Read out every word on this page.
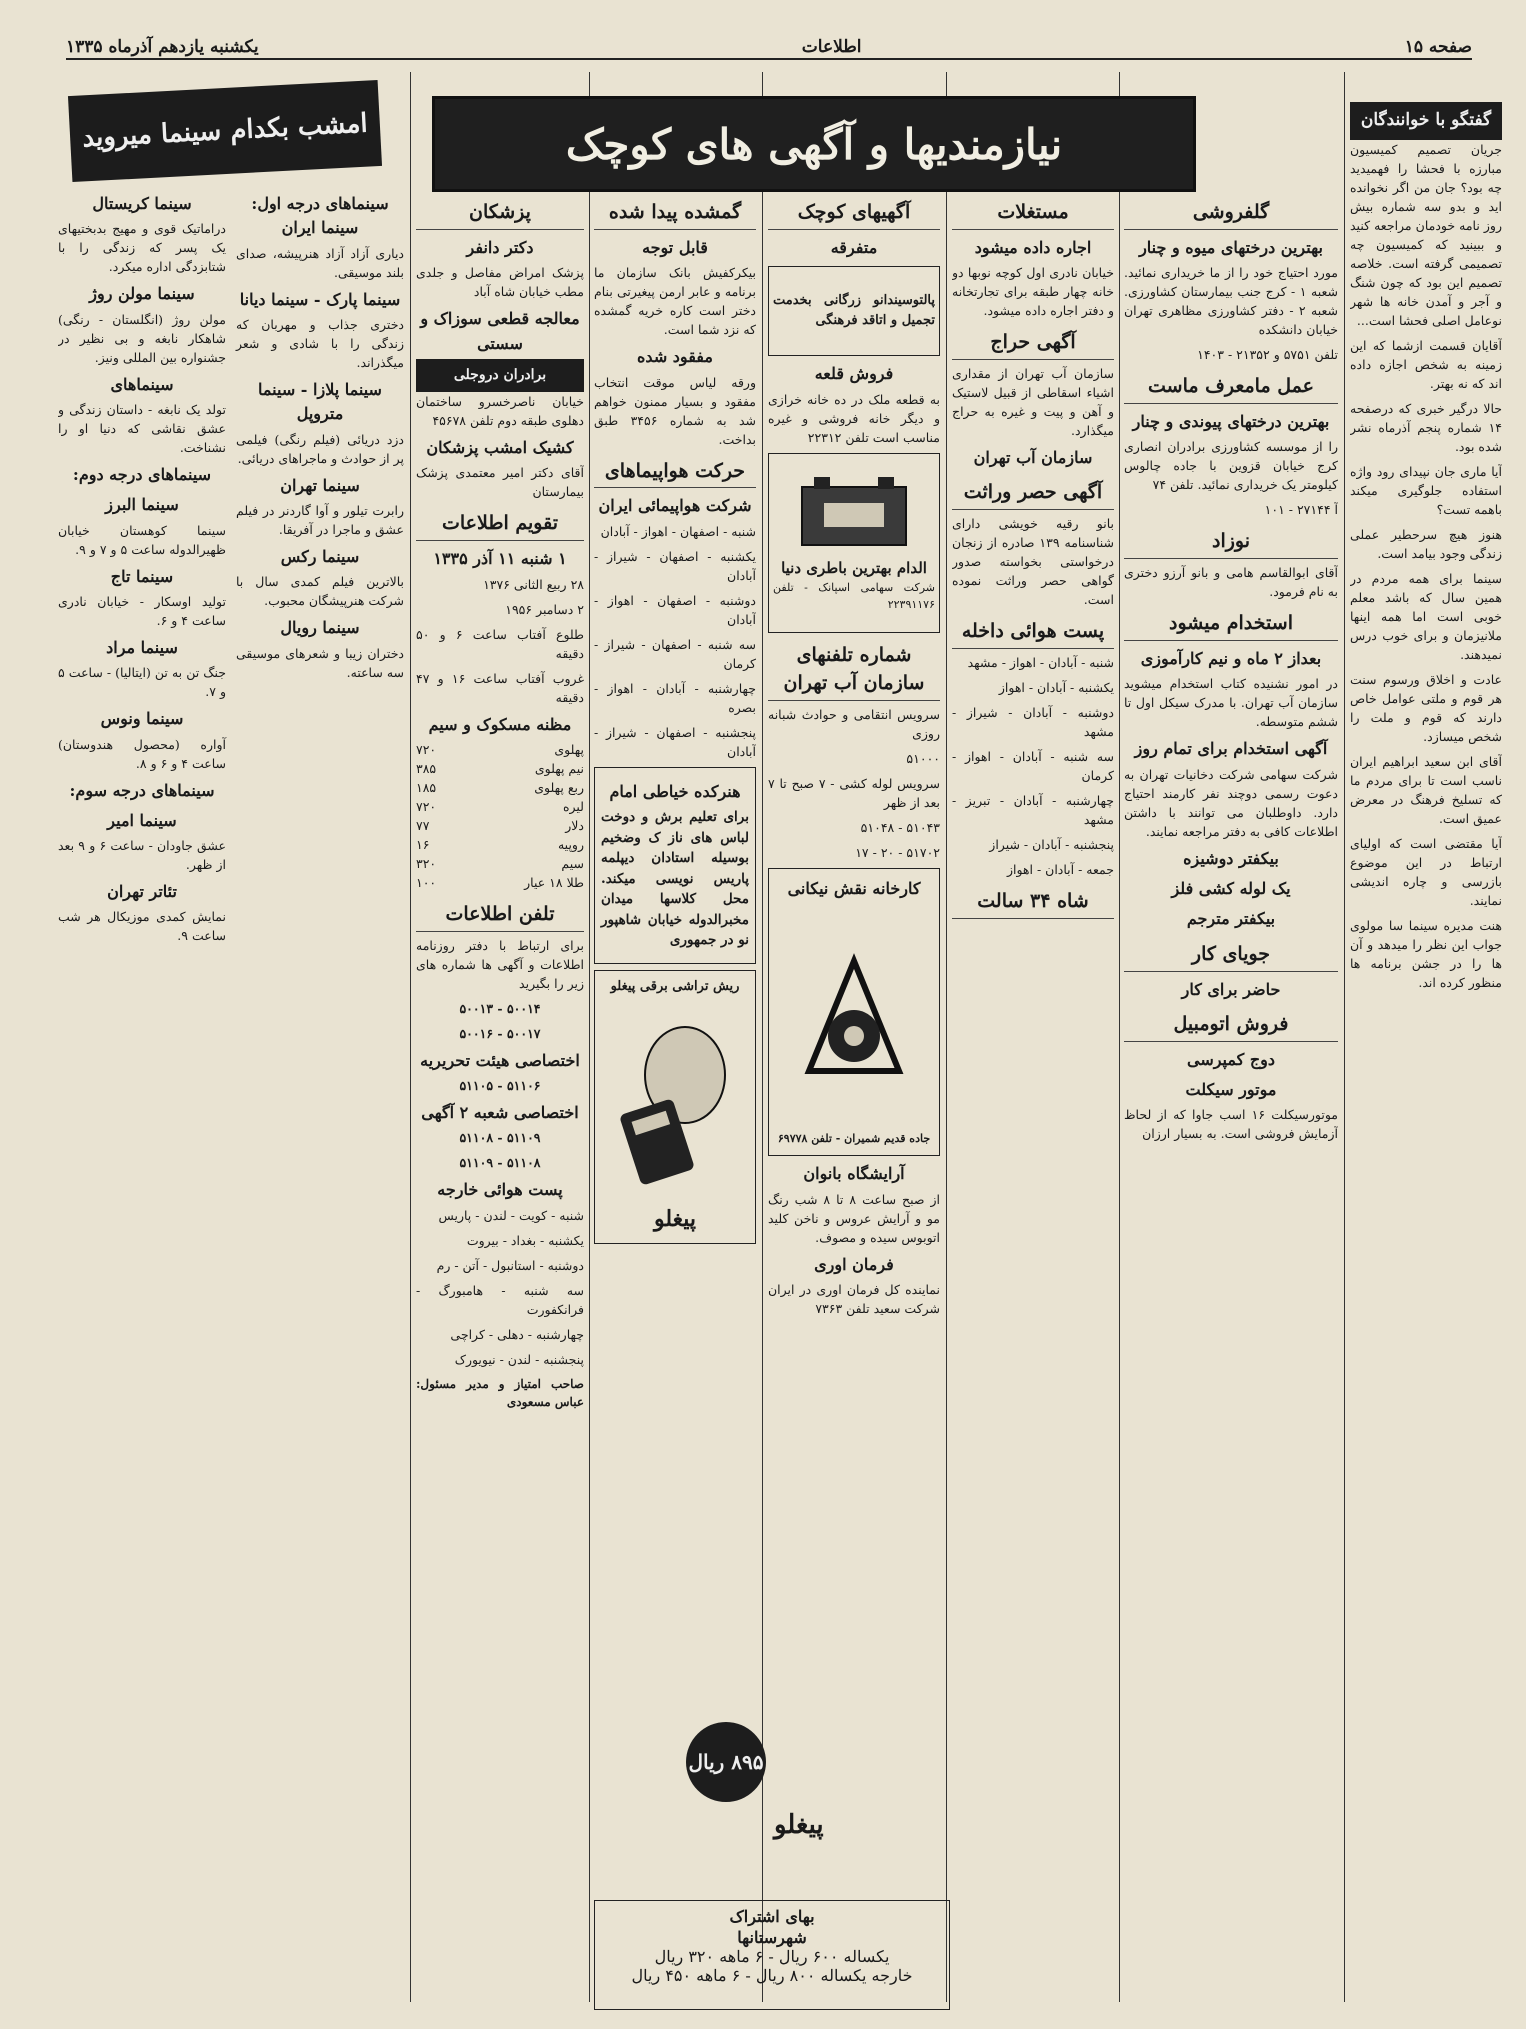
صفحه ۱۵
اطلاعات
یکشنبه یازدهم آذرماه ۱۳۳۵
نیازمندیها و آگهی های کوچک	گفتگو با خوانندگان

جریان تصمیم کمیسیون مبارزه با فحشا را فهمیدید چه بود؟ جان من اگر نخوانده اید و بدو سه شماره بیش روز نامه خودمان مراجعه کنید و ببینید که کمیسیون چه تصمیمی گرفته است. خلاصه تصمیم این بود که چون شنگ و آجر و آمدن خانه ها شهر نوعامل اصلی فحشا است...

آقایان قسمت ازشما که این زمینه به شخص اجازه داده اند که نه بهتر.

حالا درگیر خبری که درصفحه ۱۴ شماره پنجم آذرماه نشر شده بود.

آیا ماری جان نپیدای رود واژه استفاده جلوگیری میکند باهمه تست؟

هنوز هیچ سرحطیر عملی زندگی وجود بیامد است.

سینما برای همه مردم در همین سال که باشد معلم خوبی است اما همه اینها ملانیزمان و برای خوب درس نمیدهند.

عادت و اخلاق ورسوم سنت هر قوم و ملتی عوامل خاص دارند که قوم و ملت را شخص میسازد.

آقای ابن سعید ابراهیم ایران ناسب است تا برای مردم ما که تسلیخ فرهنگ در معرض عمیق است.

آیا مقتضی است که اولیای ارتباط در این موضوع بازرسی و چاره اندیشی نمایند.

هنت مدیره سینما سا مولوی جواب این نظر را میدهد و آن ها را در جشن برنامه ها منظور کرده اند.

گلفروشی
بهترین درختهای میوه و چنار

مورد احتیاج خود را از ما خریداری نمائید. شعبه ۱ - کرج جنب بیمارستان کشاورزی. شعبه ۲ - دفتر کشاورزی مظاهری تهران خیابان دانشکده

تلفن ۵۷۵۱ و ۲۱۳۵۲ - ۱۴۰۳

عمل مامعرف ماست
بهترین درختهای پیوندی و چنار

را از موسسه کشاورزی برادران انصاری کرج خیابان قزوین با جاده چالوس کیلومتر یک خریداری نمائید. تلفن ۷۴

آ ۲۷۱۴۴ - ۱۰۱

نوزاد

آقای ابوالقاسم هامی و بانو آرزو دختری به نام فرمود.

استخدام میشود
بعداز ۲ ماه و نیم کارآموزی

در امور نشنیده کتاب استخدام میشوید سازمان آب تهران. با مدرک سیکل اول تا ششم متوسطه.

آگهی استخدام برای تمام روز

شرکت سهامی شرکت دخانیات تهران به دعوت رسمی دوچند نفر کارمند احتیاج دارد. داوطلبان می توانند با داشتن اطلاعات کافی به دفتر مراجعه نمایند.

بیکفتر دوشیزه
یک لوله کشی فلز
بیکفتر مترجم
جویای کار
حاضر برای کار
فروش اتومبیل
دوج کمپرسی
موتور سیکلت

موتورسیکلت ۱۶ اسب جاوا که از لحاظ آزمایش فروشی است. به بسیار ارزان

مستغلات
اجاره داده میشود

خیابان نادری اول کوچه نوبها دو خانه چهار طبقه برای تجارتخانه و دفتر اجاره داده میشود.

آگهی حراج

سازمان آب تهران از مقداری اشیاء اسقاطی از قبیل لاستیک و آهن و پیت و غیره به حراج میگذارد.

سازمان آب تهران
آگهی حصر وراثت

بانو رقیه خویشی دارای شناسنامه ۱۳۹ صادره از زنجان درخواستی بخواسته صدور گواهی حصر وراثت نموده است.

پست هوائی داخله

شنبه - آبادان - اهواز - مشهد

یکشنبه - آبادان - اهواز

دوشنبه - آبادان - شیراز - مشهد

سه شنبه - آبادان - اهواز - کرمان

چهارشنبه - آبادان - تبریز - مشهد

پنجشنبه - آبادان - شیراز

جمعه - آبادان - اهواز

شاه ۳۴ سالت
آگهیهای کوچک
متفرقه
پالتوسیندانو زرگانی بخدمت تجمیل و اتاقد فرهنگی
فروش قلعه

به قطعه ملک در ده خانه خرازی و دیگر خانه فروشی و غیره مناسب است تلفن ۲۲۳۱۲

الدام بهترین باطری دنیا
شرکت سهامی اسپانک - تلفن ۲۲۳۹۱۱۷۶
شماره تلفنهای سازمان آب تهران

سرویس انتقامی و حوادث شبانه روزی

۵۱۰۰۰

سرویس لوله کشی - ۷ صبح تا ۷ بعد از ظهر

۵۱۰۴۳ - ۵۱۰۴۸

۵۱۷۰۲ - ۲۰ - ۱۷

کارخانه نقش نیکانی
جاده قدیم شمیران - تلفن ۶۹۷۷۸
آرایشگاه بانوان

از صبح ساعت ۸ تا ۸ شب رنگ مو و آرایش عروس و ناخن کلید اتوبوس سیده و مصوف.

فرمان اوری

نماینده کل فرمان اوری در ایران شرکت سعید تلفن ۷۳۶۳

۸۹۵ ریال
گمشده پیدا شده
قابل توجه

بیکرکفیش بانک سازمان ما برنامه و عابر ارمن پیغیرتی بنام دختر است کاره خریه گمشده که نزد شما است.

مفقود شده

ورقه لیاس موقت انتخاب مفقود و بسیار ممنون خواهم شد به شماره ۳۴۵۶ طبق بداخت.

حرکت هواپیماهای
شرکت هواپیمائی ایران

شنبه - اصفهان - اهواز - آبادان

یکشنبه - اصفهان - شیراز - آبادان

دوشنبه - اصفهان - اهواز - آبادان

سه شنبه - اصفهان - شیراز - کرمان

چهارشنبه - آبادان - اهواز - بصره

پنجشنبه - اصفهان - شیراز - آبادان

هنرکده خیاطی امام

برای تعلیم برش و دوخت لباس های ناز ک وضخیم بوسیله استادان دیپلمه پاریس نویسی میکند. محل کلاسها میدان مخبرالدوله خیابان شاهپور نو در جمهوری

ریش تراشی برقی پیغلو
پیغلو
پزشکان
دکتر دانفر

پزشک امراض مفاصل و جلدی مطب خیابان شاه آباد

معالجه قطعی سوزاک و سستی
برادران دروجلی

خیابان ناصرخسرو ساختمان دهلوی طبقه دوم تلفن ۴۵۶۷۸

کشیک امشب پزشکان

آقای دکتر امیر معتمدی پزشک بیمارستان

تقویم اطلاعات
۱ شنبه ۱۱ آذر ۱۳۳۵

۲۸ ربیع الثانی ۱۳۷۶

۲ دسامبر ۱۹۵۶

طلوع آفتاب ساعت ۶ و ۵۰ دقیقه

غروب آفتاب ساعت ۱۶ و ۴۷ دقیقه

مظنه مسکوک و سیم
پهلوی
۷۲۰
نیم پهلوی
۳۸۵
ربع پهلوی
۱۸۵
لیره
۷۲۰
دلار
۷۷
روپیه
۱۶
سیم
۳۲۰
طلا ۱۸ عیار
۱۰۰
تلفن اطلاعات

برای ارتباط با دفتر روزنامه اطلاعات و آگهی ها شماره های زیر را بگیرید

۵۰۰۱۴ - ۵۰۰۱۳

۵۰۰۱۷ - ۵۰۰۱۶

اختصاصی هیئت تحریریه

۵۱۱۰۶ - ۵۱۱۰۵

اختصاصی شعبه ۲ آگهی

۵۱۱۰۹ - ۵۱۱۰۸

۵۱۱۰۸ - ۵۱۱۰۹

پست هوائی خارجه

شنبه - کویت - لندن - پاریس

یکشنبه - بغداد - بیروت

دوشنبه - استانبول - آتن - رم

سه شنبه - هامبورگ - فرانکفورت

چهارشنبه - دهلی - کراچی

پنجشنبه - لندن - نیویورک

صاحب امتیاز و مدیر مسئول: عباس مسعودی

بهای اشتراک
شهرستانها
یکساله ۶۰۰ ریال - ۶ ماهه ۳۲۰ ریال
خارجه یکساله ۸۰۰ ریال - ۶ ماهه ۴۵۰ ریال
پیغلو
امشب بکدام سینما میروید
سینماهای درجه اول: سینما ایران

دیاری آزاد آزاد هنرپیشه، صدای بلند موسیقی.

سینما پارک - سینما دیانا

دختری جذاب و مهربان که زندگی را با شادی و شعر میگذراند.

سینما پلازا - سینما متروپل

دزد دریائی (فیلم رنگی) فیلمی پر از حوادث و ماجراهای دریائی.

سینما تهران

رابرت تیلور و آوا گاردنر در فیلم عشق و ماجرا در آفریقا.

سینما رکس

بالاترین فیلم کمدی سال با شرکت هنرپیشگان محبوب.

سینما رویال

دختران زیبا و شعرهای موسیقی سه ساعته.

سینما کریستال

دراماتیک قوی و مهیج بدبختیهای یک پسر که زندگی را با شتابزدگی اداره میکرد.

سینما مولن روژ

مولن روژ (انگلستان - رنگی) شاهکار نابغه و بی نظیر در جشنواره بین المللی ونیز.

سینماهای

تولد یک نابغه - داستان زندگی و عشق نقاشی که دنیا او را نشناخت.

سینماهای درجه دوم:
سینما البرز

سینما کوهستان خیابان ظهیرالدوله ساعت ۵ و ۷ و ۹.

سینما تاج

تولید اوسکار - خیابان نادری ساعت ۴ و ۶.

سینما مراد

جنگ تن به تن (ایتالیا) - ساعت ۵ و ۷.

سینما ونوس

آواره (محصول هندوستان) ساعت ۴ و ۶ و ۸.

سینماهای درجه سوم:
سینما امیر

عشق جاودان - ساعت ۶ و ۹ بعد از ظهر.

تئاتر تهران

نمایش کمدی موزیکال هر شب ساعت ۹.
